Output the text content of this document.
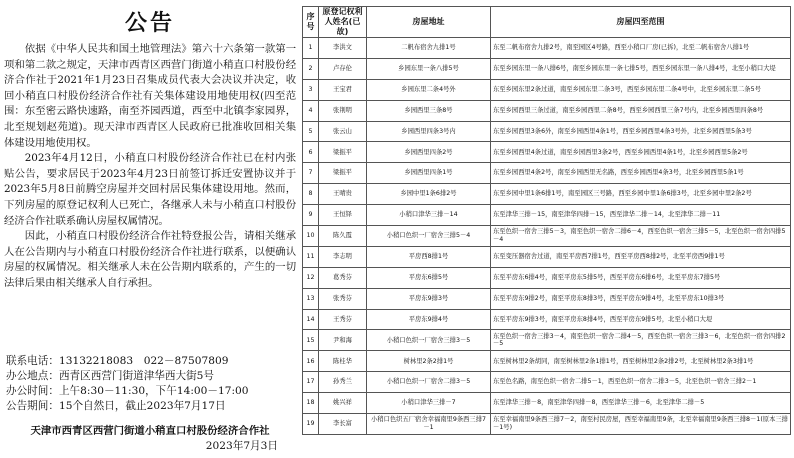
公告

依据《中华人民共和国土地管理法》第六十六条第一款第一项和第二款之规定，天津市西青区西营门街道小稍直口村股份经济合作社于2021年1月23日召集成员代表大会决议并决定，收回小稍直口村股份经济合作社有关集体建设用地使用权(四至范围：东至密云路快速路，南至芥园西道，西至中北镇李家园界，北至规划赵苑道)。现天津市西青区人民政府已批准收回相关集体建设用地使用权。

2023年4月12日，小稍直口村股份经济合作社已在村内张贴公告，要求居民于2023年4月23日前签订拆迁安置协议并于2023年5月8日前腾空房屋并交回村居民集体建设用地。然而，下列房屋的原登记权利人已死亡，各继承人未与小稍直口村股份经济合作社联系确认房屋权属情况。

因此，小稍直口村股份经济合作社特登报公告，请相关继承人在公告期内与小稍直口村股份经济合作社进行联系，以便确认房屋的权属情况。相关继承人未在公告期内联系的，产生的一切法律后果由相关继承人自行承担。

联系电话：13132218083　022－87507809
办公地点：西青区西营门街道津华西大街5号
办公时间：上午8:30－11:30，下午14:00－17:00
公告期间：15个自然日，截止2023年7月17日
天津市西青区西营门街道小稍直口村股份经济合作社
2023年7月3日
序号	原登记权利人姓名(已故)	房屋地址	房屋四至范围
1	李洪文	二帆布宿舍九排1号	东至二帆布宿舍九排2号，南至园区4号路，西至小稍口厂房(已拆)，北至二帆布宿舍八排1号
2	卢存伦	乡园东里一条八排5号	东至乡园东里一条八排6号，南至乡园东里一条七排5号，西至乡园东里一条八排4号，北至小稍口大堤
3	王宝君	乡园东里二条4号外	东至乡园东里2条过道，南至乡园东里二条3号，西至乡园东里二条4号中，北至乡园东里二条5号
4	张荆明	乡园西里三条8号	东至乡园西里三条过道，南至乡园西里二条8号，西至乡园西里三条7号内，北至乡园西里四条8号
5	张云山	乡园西里四条3号内	东至乡园西里3条6外，南至乡园西里4条1号，西至乡园西里4条3号外，北至乡园西里5条3号
6	梁振平	乡园西里四条2号	东至乡园西里4条过道，南至乡园西里3条2号，西至乡园西里4条1号，北至乡园西里5条2号
7	梁振平	乡园西里四条1号	东至乡园西里4条2号，南至乡园西里无名路，西至乡园西里4条3号，北至乡园西里5条1号
8	王晴贵	乡园中里1条6排2号	东至乡园中里1条6排1号，南至园区三号路，西至乡园中里1条6排3号，北至乡园中里2条2号
9	王恒铎	小稍口津华三排－14	东至津华三排－15，南至津华四排－15，西至津华二排－14，北至津华二排－11
10	陈久霞	小稍口色织一厂宿舍三排5－4	东至色织一宿舍三排5－3，南至色织一宿舍二排6－4，西至色织一宿舍三排5－5，北至色织一宿舍四排5－4
11	李志明	平房西8排1号	东至变压器宿舍过道，南至平房西7排1号，西至平房西8排2号，北至平房西9排1号
12	葛秀芬	平房东6排5号	东至平房东6排4号，南至平房东5排5号，西至平房东6排6号，北至平房东7排5号
13	张秀芬	平房东9排3号	东至平房东9排2号，南至平房东8排3号，西至平房东9排4号，北至平房东10排3号
14	王秀芬	平房东9排4号	东至平房东9排3号，南至平房东8排4号，西至平房东9排5号，北至小稍口大堤
15	尹和海	小稍口色织一厂宿舍三排3－5	东至色织一宿舍三排3－4，南至色织一宿舍二排4－5，西至色织一宿舍三排3－6，北至色织一宿舍四排2－5
16	陈桂华	树林里2条2排1号	东至树林里2条胡同，南至树林里2条1排1号，西至树林里2条2排2号，北至树林里2条3排1号
17	孙秀兰	小稍口色织一厂宿舍二排3－5	东至色名路，南至色织一宿舍二排5－1，西至色织一宿舍二排3－5，北至色织一宿舍三排2－1
18	姚兴祥	小稍口津华三排－7	东至津华三排－8，南至津华四排－8，西至津华三排－6，北至津华二排－5
19	李长富	小稍口色织五厂宿舍幸福南里9条西三排7－1	东至幸福南里9条西三排7－2，南至村民房屋，西至幸福南里9条，北至幸福南里9条西三排8－1(原本三排－1号)
